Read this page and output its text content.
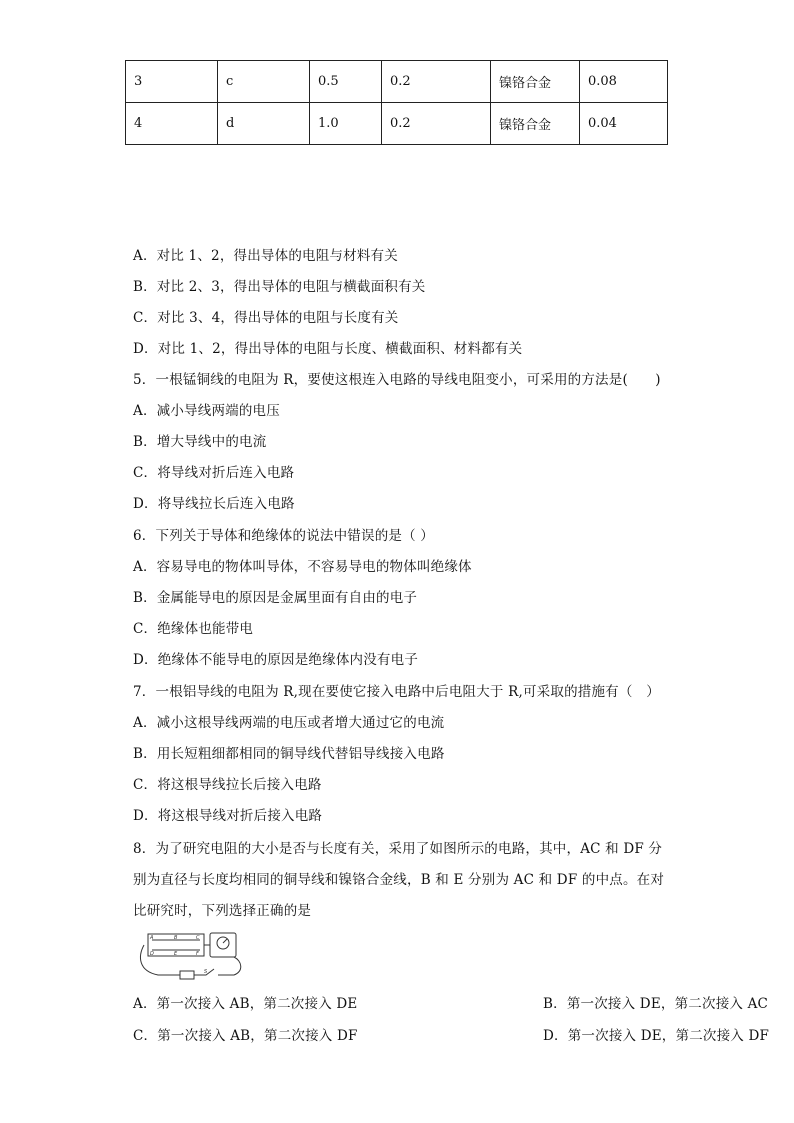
3	c	0.5	0.2	镍铬合金	0.08
4	d	1.0	0.2	镍铬合金	0.04
A．对比 1、2，得出导体的电阻与材料有关
B．对比 2、3，得出导体的电阻与横截面积有关
C．对比 3、4，得出导体的电阻与长度有关
D．对比 1、2，得出导体的电阻与长度、横截面积、材料都有关
5．一根锰铜线的电阻为 R，要使这根连入电路的导线电阻变小，可采用的方法是(　　)
A．减小导线两端的电压
B．增大导线中的电流
C．将导线对折后连入电路
D．将导线拉长后连入电路
6．下列关于导体和绝缘体的说法中错误的是（ ）
A．容易导电的物体叫导体，不容易导电的物体叫绝缘体
B．金属能导电的原因是金属里面有自由的电子
C．绝缘体也能带电
D．绝缘体不能导电的原因是绝缘体内没有电子
7．一根铝导线的电阻为 R,现在要使它接入电路中后电阻大于 R,可采取的措施有（　）
A．减小这根导线两端的电压或者增大通过它的电流
B．用长短粗细都相同的铜导线代替铝导线接入电路
C．将这根导线拉长后接入电路
D．将这根导线对折后接入电路
8．为了研究电阻的大小是否与长度有关，采用了如图所示的电路，其中，AC 和 DF 分
别为直径与长度均相同的铜导线和镍铬合金线，B 和 E 分别为 AC 和 DF 的中点。在对
比研究时，下列选择正确的是
A	B	C
D	E	F
S
A．第一次接入 AB，第二次接入 DE	B．第一次接入 DE，第二次接入 AC
C．第一次接入 AB，第二次接入 DF	D．第一次接入 DE，第二次接入 DF
